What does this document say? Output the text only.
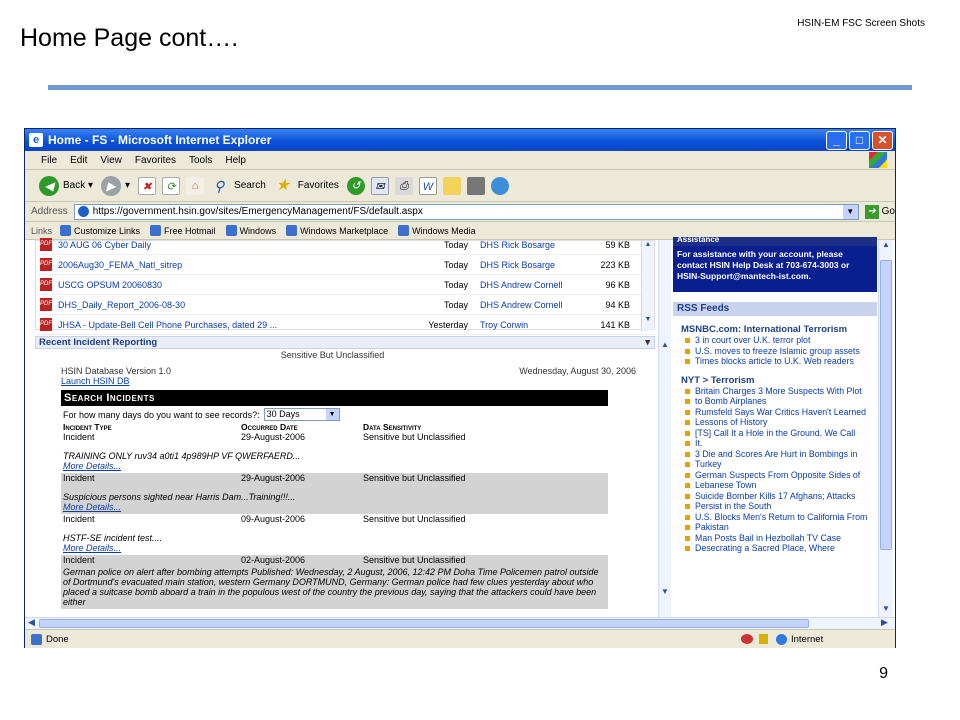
Home Page cont….
HSIN-EM FSC Screen Shots
9
e Home - FS - Microsoft Internet Explorer	_	□	✕
File Edit View Favorites Tools Help
◀ Back ▾	▶ ▾	✖	⟳	⌂	⚲ Search ★ Favorites	↺	✉	⎙	W
Address	https://government.hsin.gov/sites/EmergencyManagement/FS/default.aspx	▼	➔ Go
Links Customize Links	Free Hotmail	Windows	Windows Marketplace	Windows Media
PDF 30 AUG 06 Cyber Daily	Today DHS Rick Bosarge	59 KB
PDF 2006Aug30_FEMA_Natl_sitrep	Today DHS Rick Bosarge	223 KB
PDF USCG OPSUM 20060830	Today DHS Andrew Cornell	96 KB
PDF DHS_Daily_Report_2006-08-30	Today DHS Andrew Cornell	94 KB
PDF JHSA - Update-Bell Cell Phone Purchases, dated 29 ...	Yesterday Troy Corwin	141 KB
▲
▼
Recent Incident Reporting	▾
Sensitive But Unclassified
HSIN Database Version 1.0	Wednesday, August 30, 2006
Launch HSIN DB
Search Incidents
For how many days do you want to see records?: 30 Days	▼
Incident Type	Occurred Date	Data Sensitivity
Incident	29-August-2006	Sensitive but Unclassified
TRAINING ONLY ruv34 a0ti1 4p989HP VF QWERFAERD...
More Details...
Incident	29-August-2006	Sensitive but Unclassified
Suspicious persons sighted near Harris Dam...Training!!!...
More Details...
Incident	09-August-2006	Sensitive but Unclassified
HSTF-SE incident test....
More Details...
Incident	02-August-2006	Sensitive but Unclassified
German police on alert after bombing attempts Published: Wednesday, 2 August, 2006, 12:42 PM Doha Time Policemen patrol outside of Dortmund's evacuated main station, western Germany DORTMUND, Germany: German police had few clues yesterday about who placed a suitcase bomb aboard a train in the populous west of the country the previous day, saying that the attackers could have been either
▲
▼
Assistance
For assistance with your account, please contact HSIN Help Desk at 703-674-3003 or HSIN-Support@mantech-ist.com.
RSS Feeds
MSNBC.com: International Terrorism
3 in court over U.K. terror plot
U.S. moves to freeze Islamic group assets
Times blocks article to U.K. Web readers
NYT > Terrorism
Britain Charges 3 More Suspects With Plot
to Bomb Airplanes
Rumsfeld Says War Critics Haven't Learned
Lessons of History
[TS] Call It a Hole in the Ground. We Call
It.
3 Die and Scores Are Hurt in Bombings in
Turkey
German Suspects From Opposite Sides of
Lebanese Town
Suicide Bomber Kills 17 Afghans; Attacks
Persist in the South
U.S. Blocks Men's Return to California From
Pakistan
Man Posts Bail in Hezbollah TV Case
Desecrating a Sacred Place, Where
▲
▼
◀	▶
Done	Internet
